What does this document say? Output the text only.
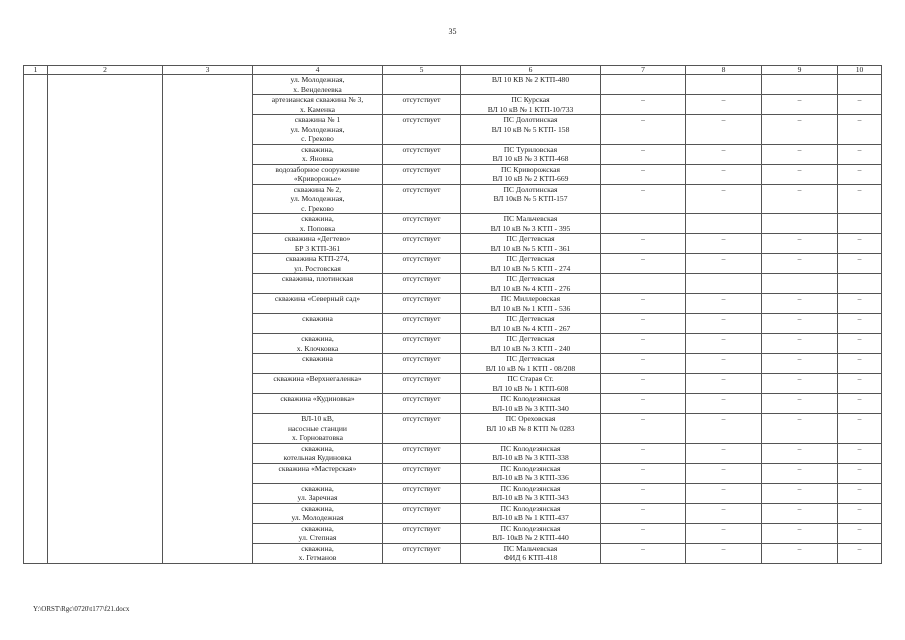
35
1	2	3	4	5	6	7	8	9	10
			ул. Молодежная,
х. Венделеевка		ВЛ 10 КВ № 2 КТП-480				
			артезианская скважина № 3,
х. Каменка	отсутствует	ПС Курская
ВЛ 10 кВ № 1 КТП-10/733	–	–	–	–
			скважина № 1
ул. Молодежная,
с. Греково	отсутствует	ПС Долотинская
ВЛ 10 кВ № 5 КТП- 158	–	–	–	–
			скважина,
х. Яновка	отсутствует	ПС Туриловская
ВЛ 10 кВ № 3 КТП-468	–	–	–	–
			водозаборное сооружение
«Криворожье»	отсутствует	ПС Криворожская
ВЛ 10 кВ № 2 КТП-669	–	–	–	–
			скважина № 2,
ул. Молодежная,
с. Греково	отсутствует	ПС Долотинская
ВЛ 10кВ № 5 КТП-157	–	–	–	–
			скважина,
х. Поповка	отсутствует	ПС Мальчевская
ВЛ 10 кВ № 3 КТП - 395				
			скважина «Дегтево»
БР 3 КТП-361	отсутствует	ПС Дегтевская
ВЛ 10 кВ № 5 КТП - 361	–	–	–	–
			скважина КТП-274,
ул. Ростовская	отсутствует	ПС Дегтевская
ВЛ 10 кВ № 5 КТП - 274	–	–	–	–
			скважина, плотинская	отсутствует	ПС Дегтевская
ВЛ 10 кВ № 4 КТП - 276				
			скважина «Северный сад»	отсутствует	ПС Миллеровская
ВЛ 10 кВ № 1 КТП - 536	–	–	–	–
			скважина	отсутствует	ПС Дегтевская
ВЛ 10 кВ № 4 КТП - 267	–	–	–	–
			скважина,
х. Клочковка	отсутствует	ПС Дегтевская
ВЛ 10 кВ № 3 КТП - 240	–	–	–	–
			скважина	отсутствует	ПС Дегтевская
ВЛ 10 кВ № 1 КТП - 08/208	–	–	–	–
			скважина «Верхнегаленка»	отсутствует	ПС Старая Ст.
ВЛ 10 кВ № 1 КТП-608	–	–	–	–
			скважина «Кудиновка»	отсутствует	ПС Колодезянская
ВЛ-10 кВ № 3 КТП-340	–	–	–	–
			ВЛ-10 кВ,
насосные станции
х. Горноватовка	отсутствует	ПС Ореховская
ВЛ 10 кВ № 8 КТП № 0283	–	–	–	–
			скважина,
котельная Кудиновка	отсутствует	ПС Колодезянская
ВЛ-10 кВ № 3 КТП-338	–	–	–	–
			скважина «Мастерская»	отсутствует	ПС Колодезянская
ВЛ-10 кВ № 3 КТП-336	–	–	–	–
			скважина,
ул. Заречная	отсутствует	ПС Колодезянская
ВЛ-10 кВ № 3 КТП-343	–	–	–	–
			скважина,
ул. Молодежная	отсутствует	ПС Колодезянская
ВЛ-10 кВ № 1 КТП-437	–	–	–	–
			скважина,
ул. Степная	отсутствует	ПС Колодезянская
ВЛ- 10кВ № 2 КТП-440	–	–	–	–
			скважина,
х. Гетманов	отсутствует	ПС Мальчевская
ФИД 6 КТП-418	–	–	–	–
Y:\ORST\Rgc\0720\t177\f21.docx
